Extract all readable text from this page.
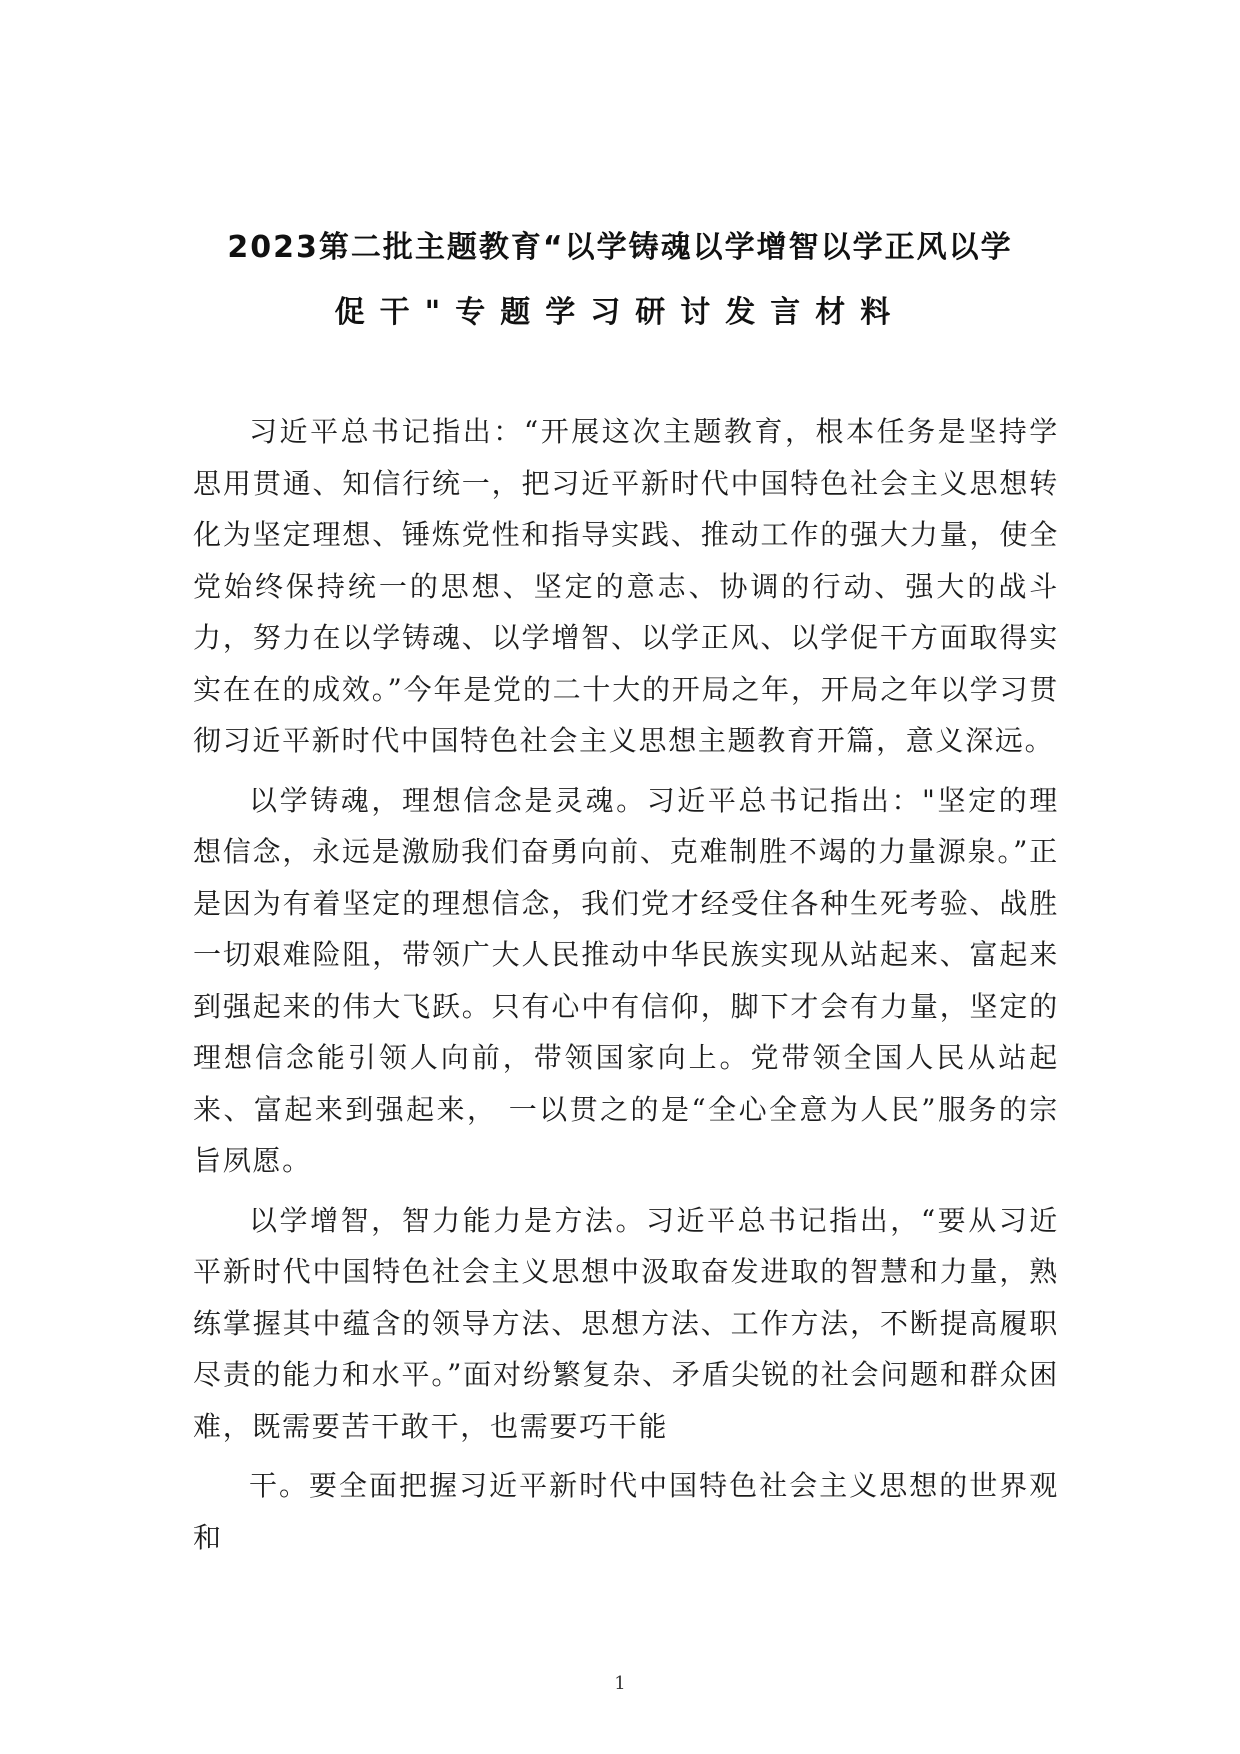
2023第二批主题教育“以学铸魂以学增智以学正风以学
促干"专题学习研讨发言材料

习近平总书记指出：“开展这次主题教育，根本任务是坚持学思用贯通、知信行统一，把习近平新时代中国特色社会主义思想转化为坚定理想、锤炼党性和指导实践、推动工作的强大力量，使全党始终保持统一的思想、坚定的意志、协调的行动、强大的战斗力，努力在以学铸魂、以学增智、以学正风、以学促干方面取得实实在在的成效。”今年是党的二十大的开局之年，开局之年以学习贯彻习近平新时代中国特色社会主义思想主题教育开篇，意义深远。

以学铸魂，理想信念是灵魂。习近平总书记指出："坚定的理想信念，永远是激励我们奋勇向前、克难制胜不竭的力量源泉。”正是因为有着坚定的理想信念，我们党才经受住各种生死考验、战胜一切艰难险阻，带领广大人民推动中华民族实现从站起来、富起来到强起来的伟大飞跃。只有心中有信仰，脚下才会有力量，坚定的理想信念能引领人向前，带领国家向上。党带领全国人民从站起来、富起来到强起来， 一以贯之的是“全心全意为人民”服务的宗旨夙愿。

以学增智，智力能力是方法。习近平总书记指出，“要从习近平新时代中国特色社会主义思想中汲取奋发进取的智慧和力量，熟练掌握其中蕴含的领导方法、思想方法、工作方法，不断提高履职尽责的能力和水平。”面对纷繁复杂、矛盾尖锐的社会问题和群众困难，既需要苦干敢干，也需要巧干能

干。要全面把握习近平新时代中国特色社会主义思想的世界观和

1
